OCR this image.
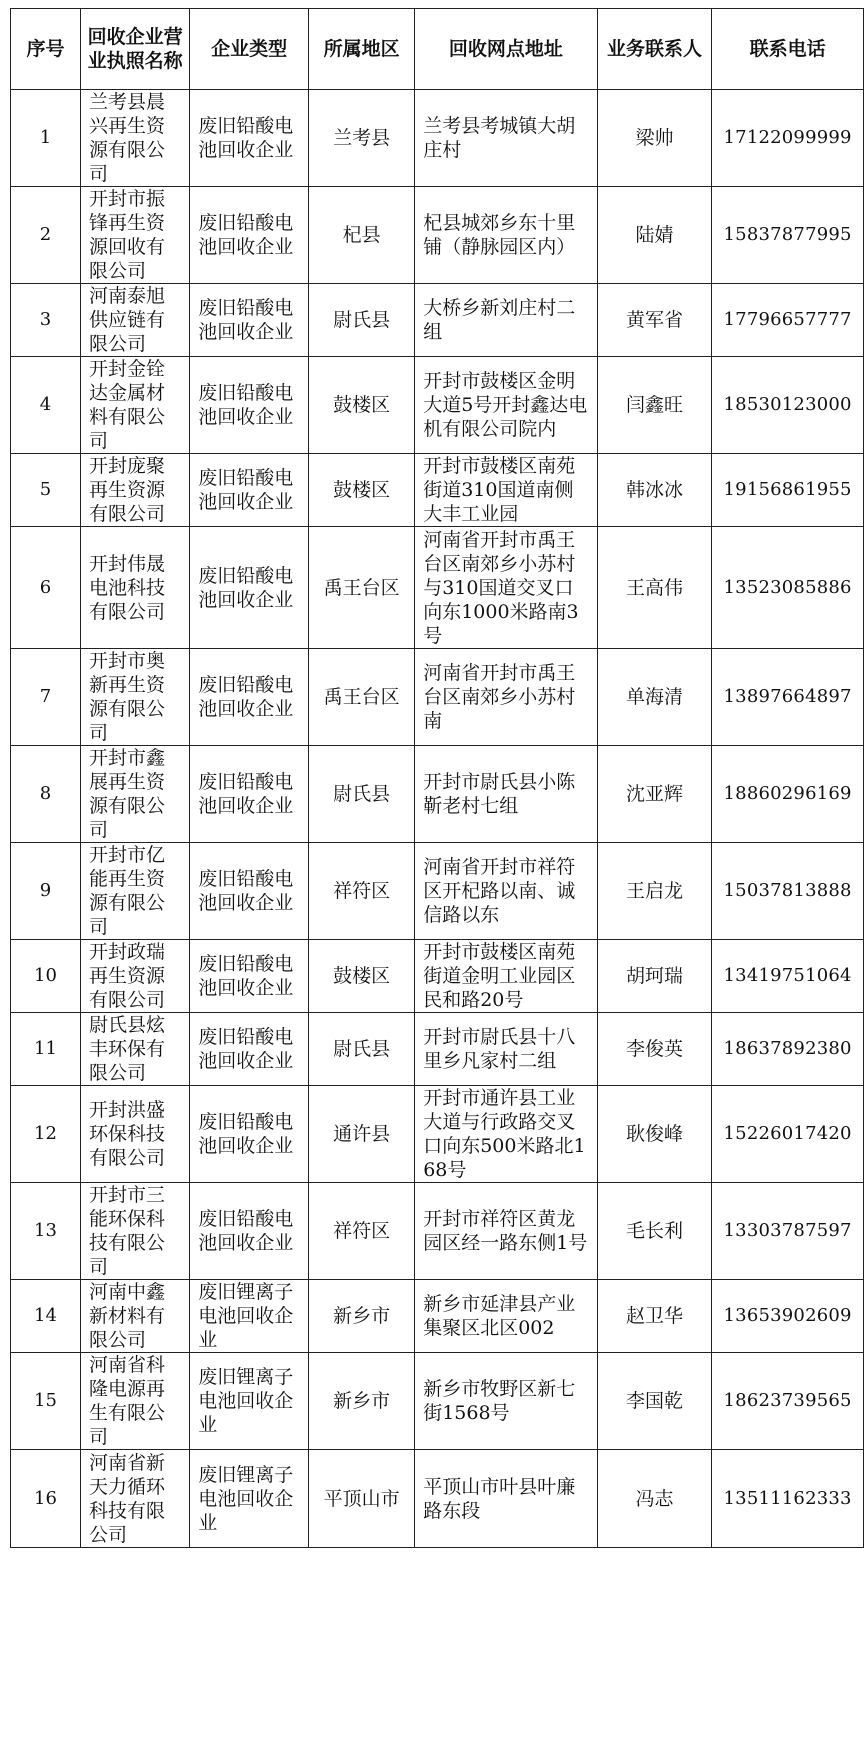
序号	回收企业营业执照名称	企业类型	所属地区	回收网点地址	业务联系人	联系电话
1	兰考县晨兴再生资源有限公司	废旧铅酸电池回收企业	兰考县	兰考县考城镇大胡庄村	梁帅	17122099999
2	开封市振锋再生资源回收有限公司	废旧铅酸电池回收企业	杞县	杞县城郊乡东十里铺（静脉园区内）	陆婧	15837877995
3	河南泰旭供应链有限公司	废旧铅酸电池回收企业	尉氏县	大桥乡新刘庄村二组	黄军省	17796657777
4	开封金铨达金属材料有限公司	废旧铅酸电池回收企业	鼓楼区	开封市鼓楼区金明大道5号开封鑫达电机有限公司院内	闫鑫旺	18530123000
5	开封庞聚再生资源有限公司	废旧铅酸电池回收企业	鼓楼区	开封市鼓楼区南苑街道310国道南侧大丰工业园	韩冰冰	19156861955
6	开封伟晟电池科技有限公司	废旧铅酸电池回收企业	禹王台区	河南省开封市禹王台区南郊乡小苏村与310国道交叉口向东1000米路南3号	王高伟	13523085886
7	开封市奥新再生资源有限公司	废旧铅酸电池回收企业	禹王台区	河南省开封市禹王台区南郊乡小苏村南	单海清	13897664897
8	开封市鑫展再生资源有限公司	废旧铅酸电池回收企业	尉氏县	开封市尉氏县小陈靳老村七组	沈亚辉	18860296169
9	开封市亿能再生资源有限公司	废旧铅酸电池回收企业	祥符区	河南省开封市祥符区开杞路以南、诚信路以东	王启龙	15037813888
10	开封政瑞再生资源有限公司	废旧铅酸电池回收企业	鼓楼区	开封市鼓楼区南苑街道金明工业园区民和路20号	胡珂瑞	13419751064
11	尉氏县炫丰环保有限公司	废旧铅酸电池回收企业	尉氏县	开封市尉氏县十八里乡凡家村二组	李俊英	18637892380
12	开封洪盛环保科技有限公司	废旧铅酸电池回收企业	通许县	开封市通许县工业大道与行政路交叉口向东500米路北168号	耿俊峰	15226017420
13	开封市三能环保科技有限公司	废旧铅酸电池回收企业	祥符区	开封市祥符区黄龙园区经一路东侧1号	毛长利	13303787597
14	河南中鑫新材料有限公司	废旧锂离子电池回收企业	新乡市	新乡市延津县产业集聚区北区002	赵卫华	13653902609
15	河南省科隆电源再生有限公司	废旧锂离子电池回收企业	新乡市	新乡市牧野区新七街1568号	李国乾	18623739565
16	河南省新天力循环科技有限公司	废旧锂离子电池回收企业	平顶山市	平顶山市叶县叶廉路东段	冯志	13511162333
